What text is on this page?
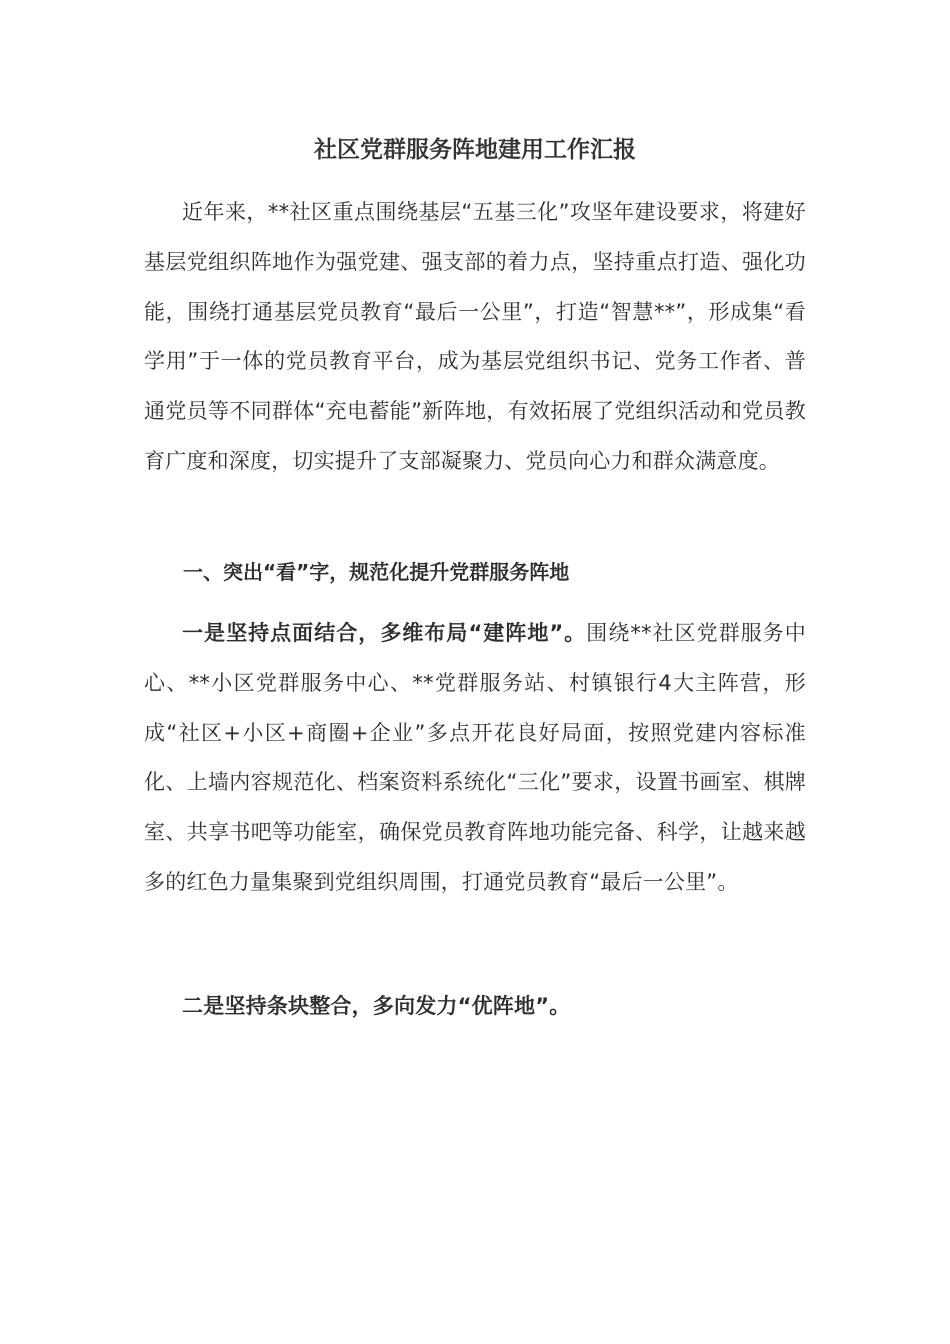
社区党群服务阵地建用工作汇报

近年来，**社区重点围绕基层“五基三化”攻坚年建设要求，将建好基层党组织阵地作为强党建、强支部的着力点，坚持重点打造、强化功能，围绕打通基层党员教育“最后一公里”，打造“智慧**”，形成集“看学用”于一体的党员教育平台，成为基层党组织书记、党务工作者、普通党员等不同群体“充电蓄能”新阵地，有效拓展了党组织活动和党员教育广度和深度，切实提升了支部凝聚力、党员向心力和群众满意度。

一、突出“看”字，规范化提升党群服务阵地

一是坚持点面结合，多维布局“建阵地”。围绕**社区党群服务中心、**小区党群服务中心、**党群服务站、村镇银行4大主阵营，形成“社区+小区+商圈+企业”多点开花良好局面，按照党建内容标准化、上墙内容规范化、档案资料系统化“三化”要求，设置书画室、棋牌室、共享书吧等功能室，确保党员教育阵地功能完备、科学，让越来越多的红色力量集聚到党组织周围，打通党员教育“最后一公里”。

二是坚持条块整合，多向发力“优阵地”。
